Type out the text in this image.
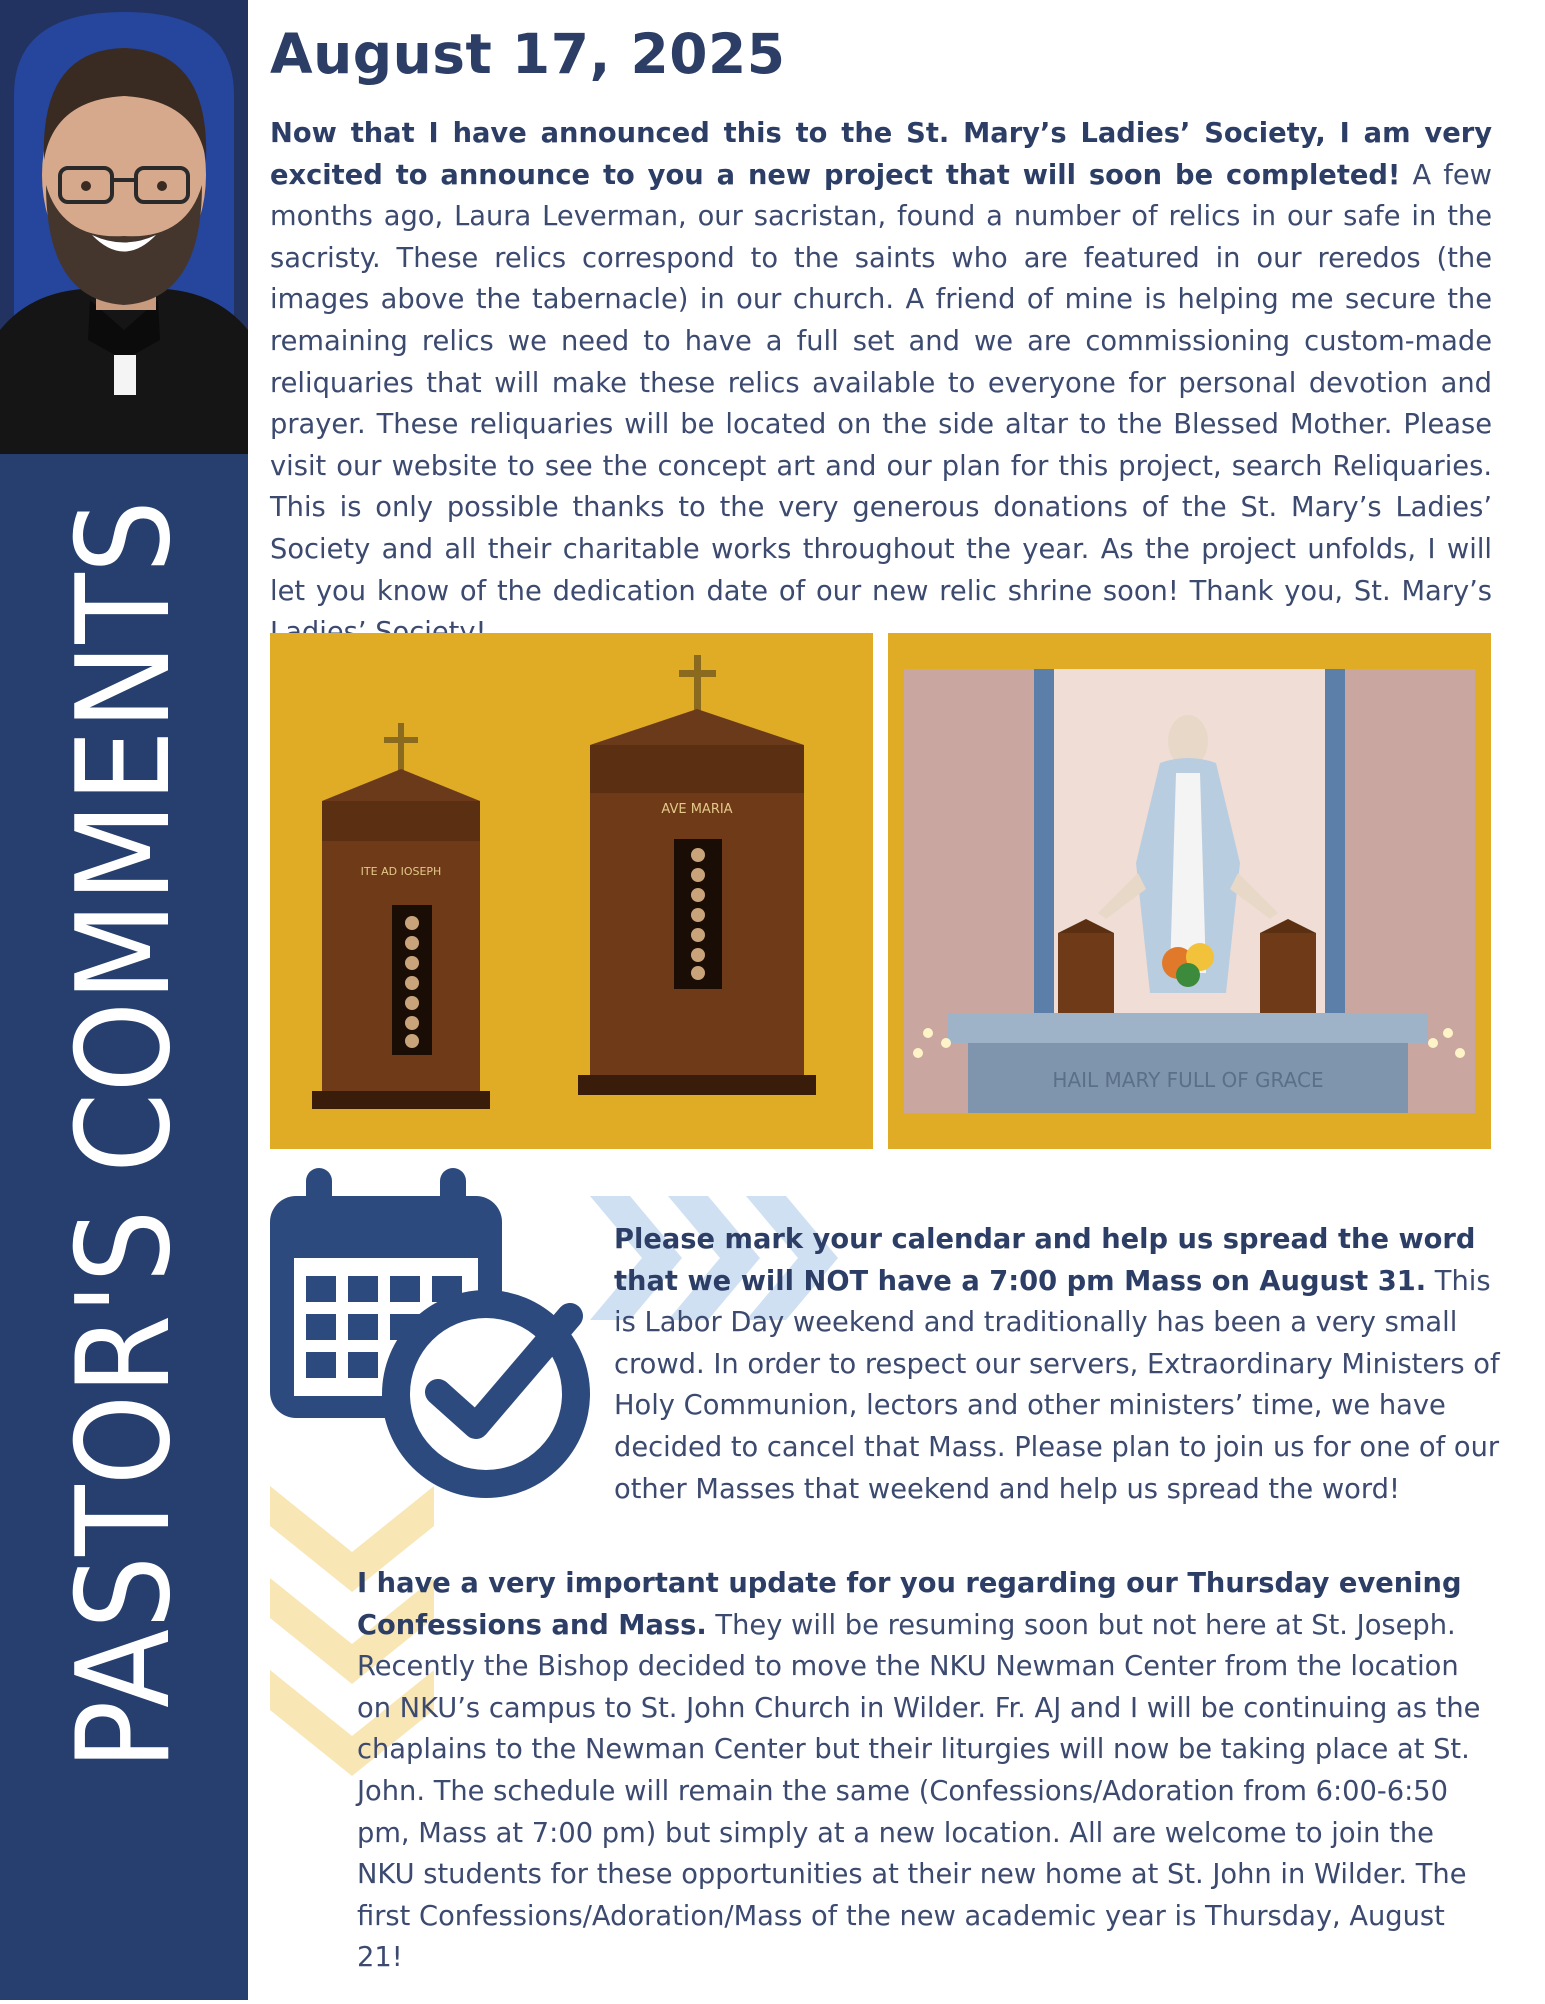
PASTOR'S COMMENTS
August 17, 2025

Now that I have announced this to the St. Mary’s Ladies’ Society, I am very excited to announce to you a new project that will soon be completed! A few months ago, Laura Leverman, our sacristan, found a number of relics in our safe in the sacristy. These relics correspond to the saints who are featured in our reredos (the images above the tabernacle) in our church. A friend of mine is helping me secure the remaining relics we need to have a full set and we are commissioning custom-made reliquaries that will make these relics available to everyone for personal devotion and prayer. These reliquaries will be located on the side altar to the Blessed Mother. Please visit our website to see the concept art and our plan for this project, search Reliquaries. This is only possible thanks to the very generous donations of the St. Mary’s Ladies’ Society and all their charitable works throughout the year. As the project unfolds, I will let you know of the dedication date of our new relic shrine soon! Thank you, St. Mary’s

ITE AD IOSEPH
AVE MARIA
HAIL MARY FULL OF GRACE

Please mark your calendar and help us spread the word that we will NOT have a 7:00 pm Mass on August 31. This is Labor Day weekend and traditionally has been a very small crowd. In order to respect our servers, Extraordinary Ministers of Holy Communion, lectors and other ministers’ time, we have decided to cancel that Mass. Please plan to join us for one of our other Masses that weekend and help us spread the word!

I have a very important update for you regarding our Thursday evening Confessions and Mass. They will be resuming soon but not here at St. Joseph. Recently the Bishop decided to move the NKU Newman Center from the location on NKU’s campus to St. John Church in Wilder. Fr. AJ and I will be continuing as the chaplains to the Newman Center but their liturgies will now be taking place at St. John. The schedule will remain the same (Confessions/Adoration from 6:00-6:50 pm, Mass at 7:00 pm) but simply at a new location. All are welcome to join the NKU students for these opportunities at their new home at St. John in Wilder. The first Confessions/Adoration/Mass of the new academic year is Thursday, August 21!
